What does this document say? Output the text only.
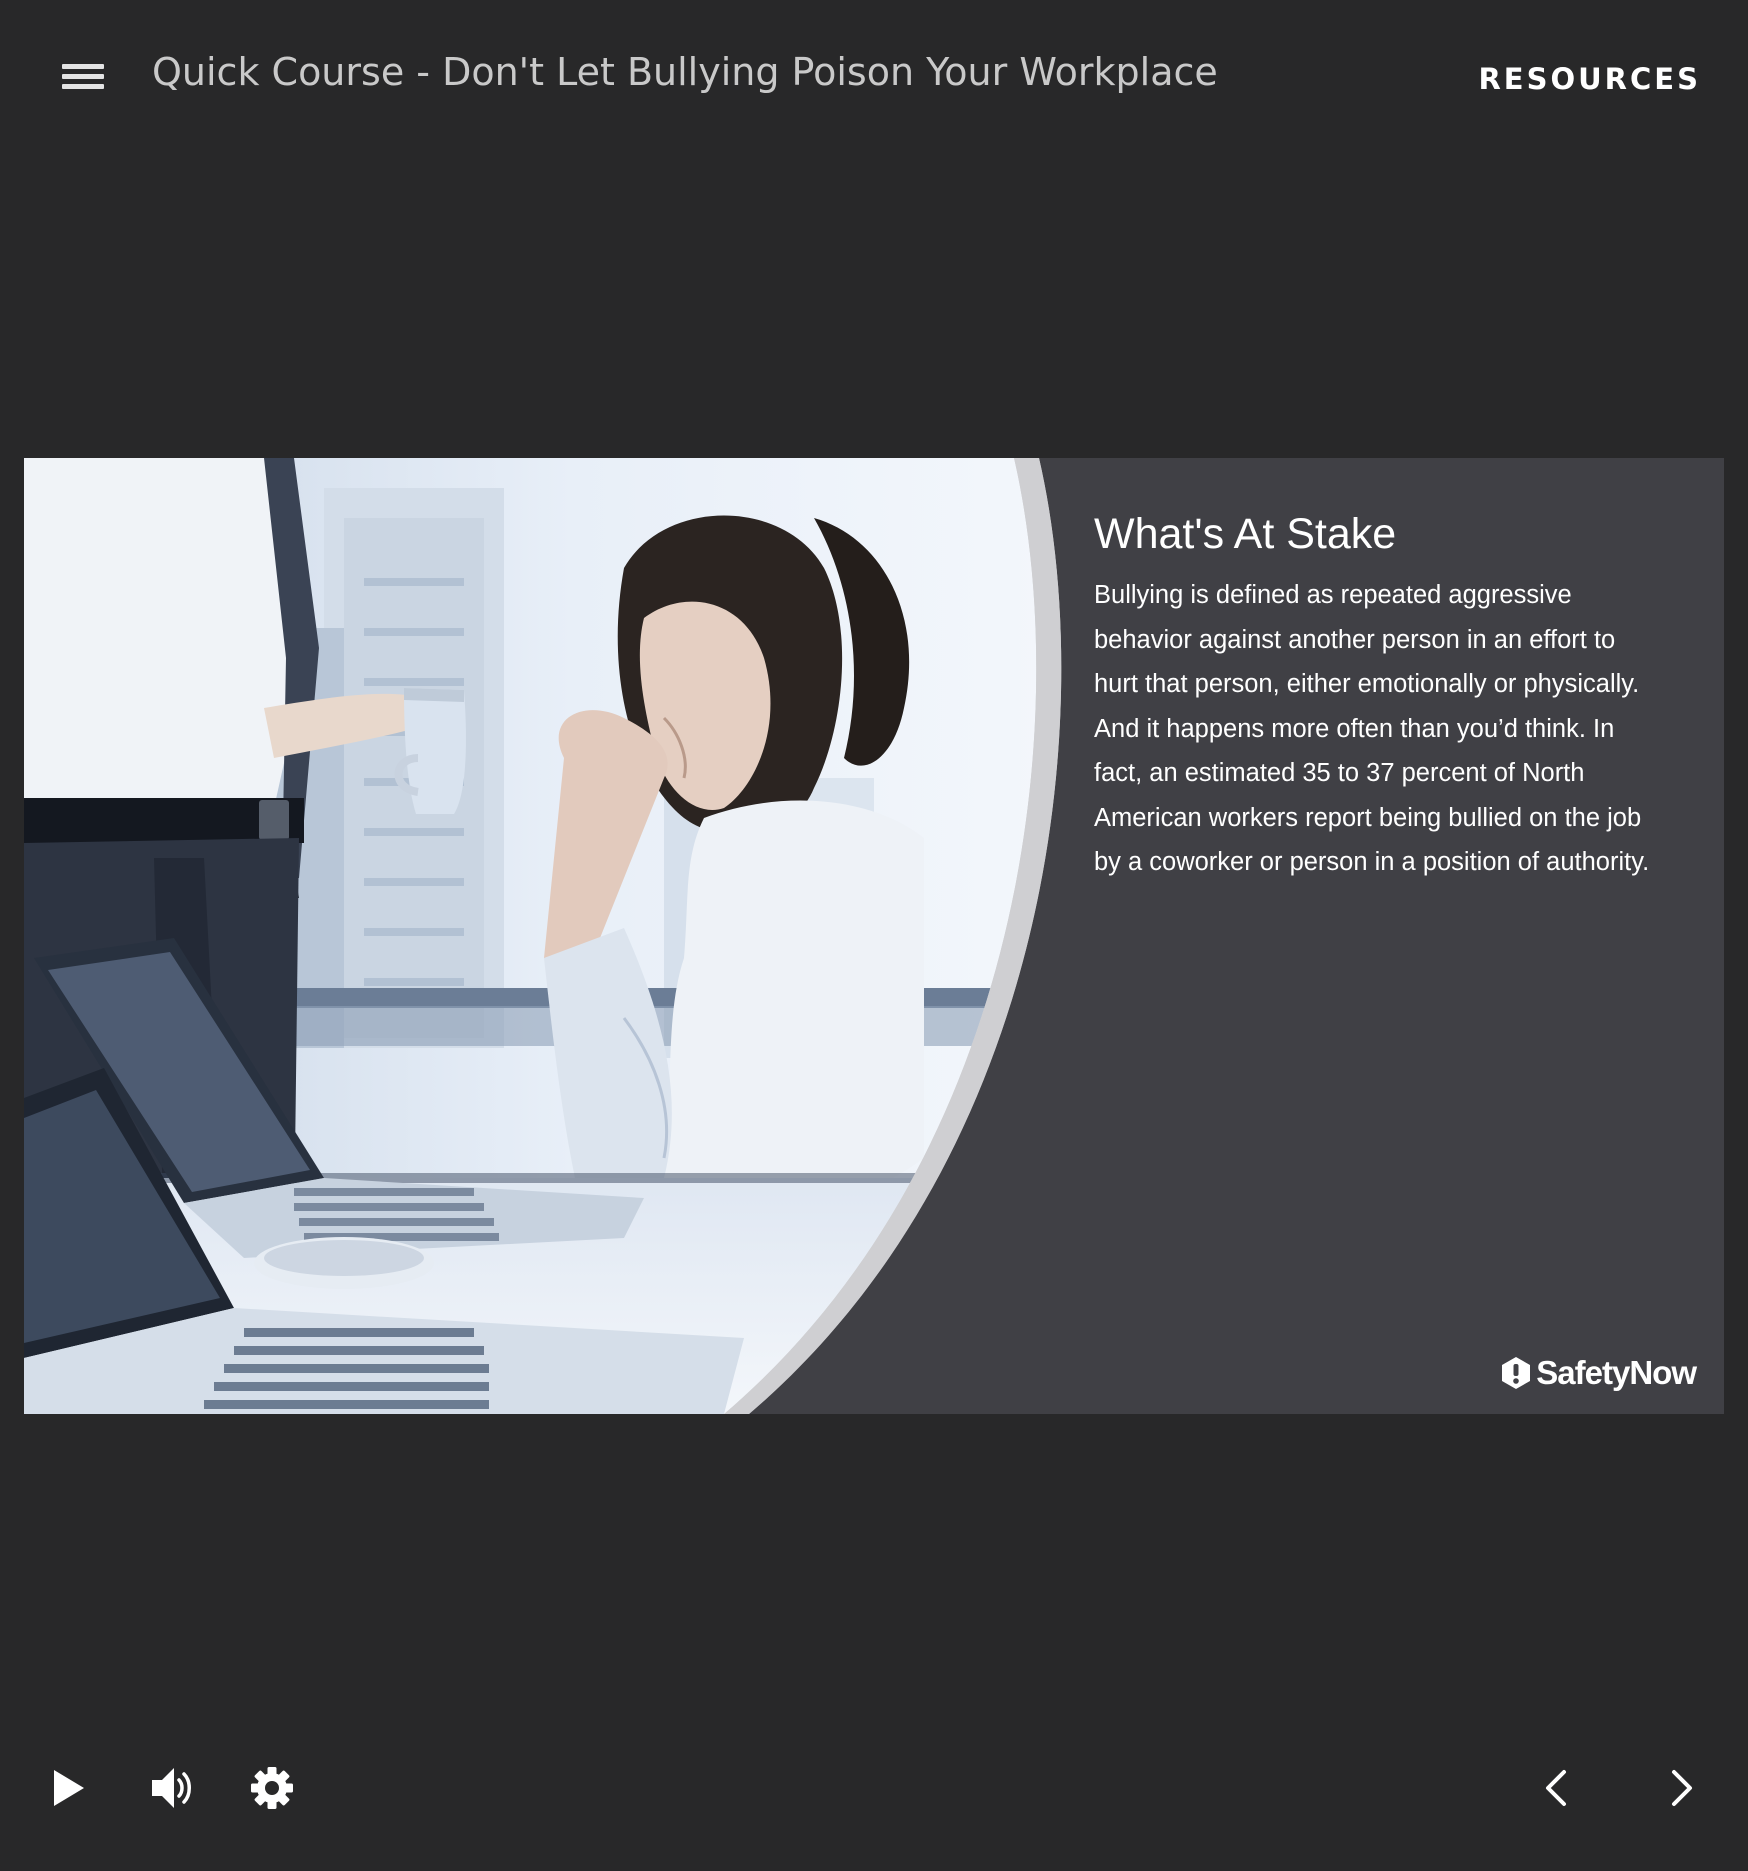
Quick Course - Don't Let Bullying Poison Your Workplace	RESOURCES
What's At Stake

Bullying is defined as repeated aggressive behavior against another person in an effort to hurt that person, either emotionally or physically. And it happens more often than you’d think. In fact, an estimated 35 to 37 percent of North American workers report being bullied on the job by a coworker or person in a position of authority.

SafetyNow
